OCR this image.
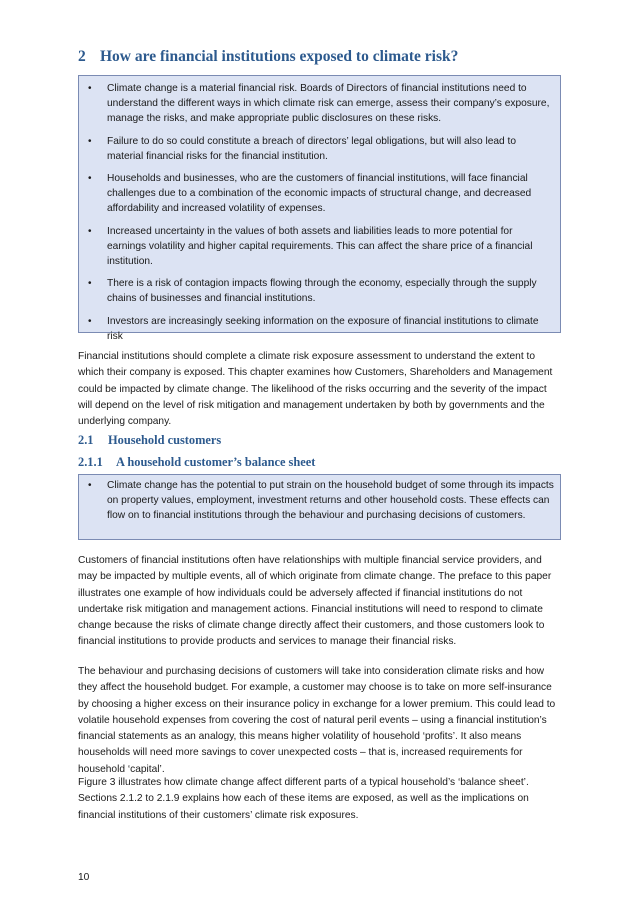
2 How are financial institutions exposed to climate risk?
• Climate change is a material financial risk. Boards of Directors of financial institutions need to understand the different ways in which climate risk can emerge, assess their company’s exposure, manage the risks, and make appropriate public disclosures on these risks.
• Failure to do so could constitute a breach of directors’ legal obligations, but will also lead to material financial risks for the financial institution.
• Households and businesses, who are the customers of financial institutions, will face financial challenges due to a combination of the economic impacts of structural change, and decreased affordability and increased volatility of expenses.
• Increased uncertainty in the values of both assets and liabilities leads to more potential for earnings volatility and higher capital requirements. This can affect the share price of a financial institution.
• There is a risk of contagion impacts flowing through the economy, especially through the supply chains of businesses and financial institutions.
• Investors are increasingly seeking information on the exposure of financial institutions to climate risk

Financial institutions should complete a climate risk exposure assessment to understand the extent to which their company is exposed. This chapter examines how Customers, Shareholders and Management could be impacted by climate change. The likelihood of the risks occurring and the severity of the impact will depend on the level of risk mitigation and management undertaken by both by governments and the underlying company.

2.1 Household customers
2.1.1 A household customer’s balance sheet
• Climate change has the potential to put strain on the household budget of some through its impacts on property values, employment, investment returns and other household costs. These effects can flow on to financial institutions through the behaviour and purchasing decisions of customers.

Customers of financial institutions often have relationships with multiple financial service providers, and may be impacted by multiple events, all of which originate from climate change. The preface to this paper illustrates one example of how individuals could be adversely affected if financial institutions do not undertake risk mitigation and management actions. Financial institutions will need to respond to climate change because the risks of climate change directly affect their customers, and those customers look to financial institutions to provide products and services to manage their financial risks.

The behaviour and purchasing decisions of customers will take into consideration climate risks and how they affect the household budget. For example, a customer may choose is to take on more self-insurance by choosing a higher excess on their insurance policy in exchange for a lower premium. This could lead to volatile household expenses from covering the cost of natural peril events – using a financial institution’s financial statements as an analogy, this means higher volatility of household ‘profits’. It also means households will need more savings to cover unexpected costs – that is, increased requirements for household ‘capital’.

Figure 3 illustrates how climate change affect different parts of a typical household’s ‘balance sheet’. Sections 2.1.2 to 2.1.9 explains how each of these items are exposed, as well as the implications on financial institutions of their customers’ climate risk exposures.

10
